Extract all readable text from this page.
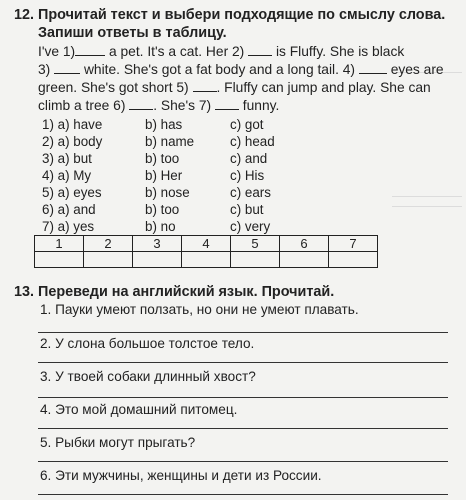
12. Прочитай текст и выбери подходящие по смыслу слова.
Запиши ответы в таблицу.
I've 1) a pet. It's a cat. Her 2)  is Fluffy. She is black
3)  white. She's got a fat body and a long tail. 4)  eyes are
green. She's got short 5) . Fluffy can jump and play. She can
climb a tree 6) . She's 7)  funny.
1) a) have	b) has	c) got
2) a) body	b) name	c) head
3) a) but	b) too	c) and
4) a) My	b) Her	c) His
5) a) eyes	b) nose	c) ears
6) a) and	b) too	c) but
7) a) yes	b) no	c) very
1	2	3	4	5	6	7

13. Переведи на английский язык. Прочитай.
1. Пауки умеют ползать, но они не умеют плавать.
2. У слона большое толстое тело.
3. У твоей собаки длинный хвост?
4. Это мой домашний питомец.
5. Рыбки могут прыгать?
6. Эти мужчины, женщины и дети из России.
